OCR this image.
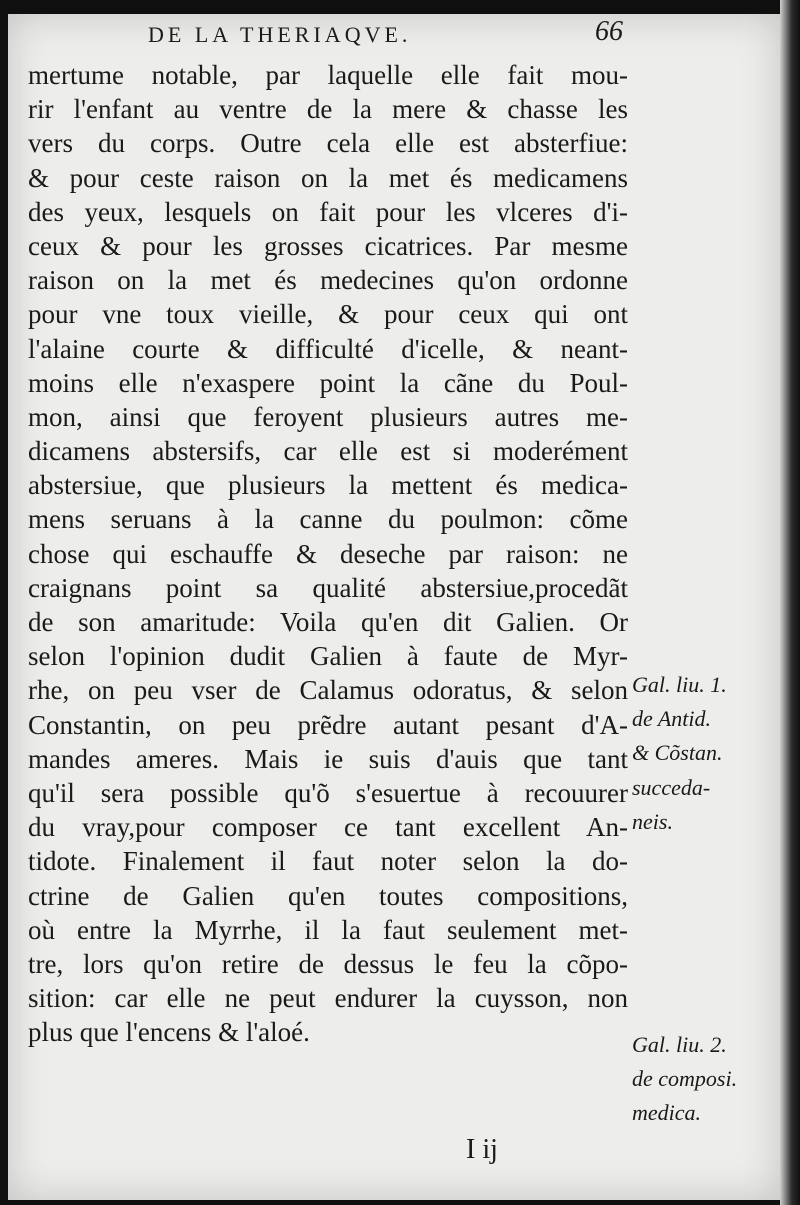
DE LA THERIAQVE.	66
mertume notable, par laquelle elle fait mou-
rir l'enfant au ventre de la mere & chasse les
vers du corps. Outre cela elle est absterfiue:
& pour ceste raison on la met és medicamens
des yeux, lesquels on fait pour les vlceres d'i-
ceux & pour les grosses cicatrices. Par mesme
raison on la met és medecines qu'on ordonne
pour vne toux vieille, & pour ceux qui ont
l'alaine courte & difficulté d'icelle, & neant-
moins elle n'exaspere point la cãne du Poul-
mon, ainsi que feroyent plusieurs autres me-
dicamens abstersifs, car elle est si moderément
abstersiue, que plusieurs la mettent és medica-
mens seruans à la canne du poulmon: cõme
chose qui eschauffe & deseche par raison: ne
craignans point sa qualité abstersiue,procedãt
de son amaritude: Voila qu'en dit Galien. Or
selon l'opinion dudit Galien à faute de Myr-
rhe, on peu vser de Calamus odoratus, & selon
Constantin, on peu prẽdre autant pesant d'A-
mandes ameres. Mais ie suis d'auis que tant
qu'il sera possible qu'õ s'esuertue à recouurer
du vray,pour composer ce tant excellent An-
tidote. Finalement il faut noter selon la do-
ctrine de Galien qu'en toutes compositions,
où entre la Myrrhe, il la faut seulement met-
tre, lors qu'on retire de dessus le feu la cõpo-
sition: car elle ne peut endurer la cuysson, non
plus que l'encens & l'aloé.
Gal. liu. 1.
de Antid.
& Cõstan.
succeda-
neis.
Gal. liu. 2.
de composi.
medica.
I ij
